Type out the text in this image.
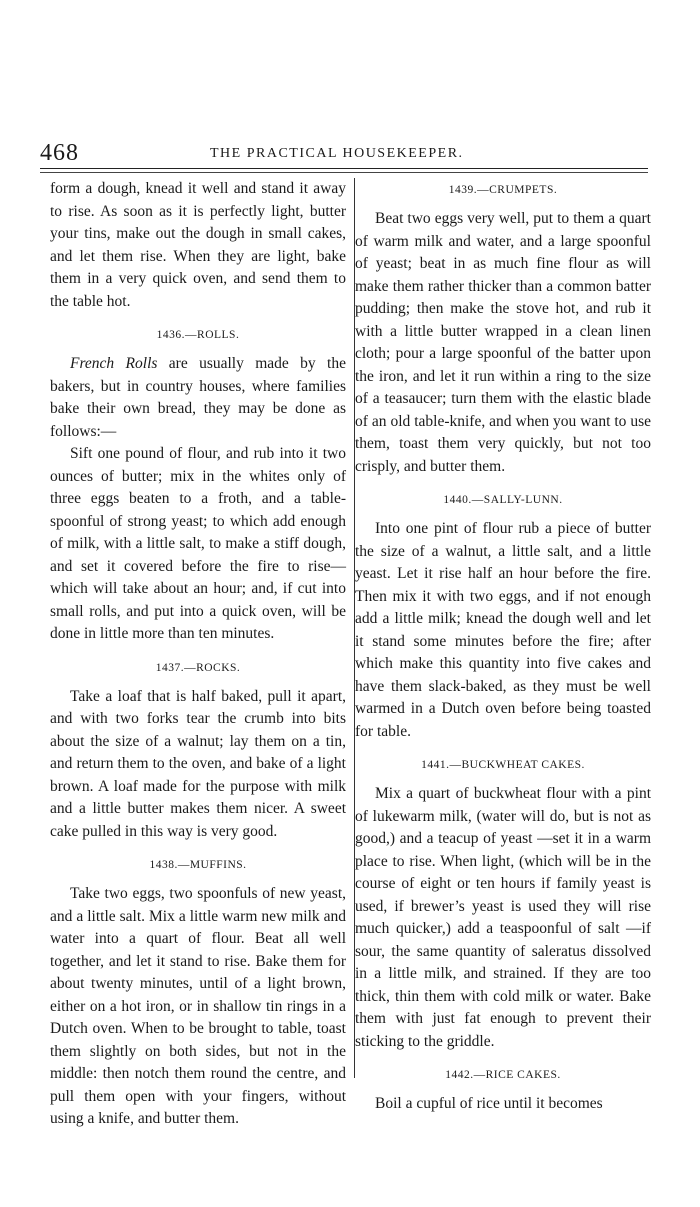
468	THE PRACTICAL HOUSEKEEPER.

form a dough, knead it well and stand it away to rise. As soon as it is perfectly light, butter your tins, make out the dough in small cakes, and let them rise. When they are light, bake them in a very quick oven, and send them to the table hot.

1436.—ROLLS.

French Rolls are usually made by the bakers, but in country houses, where families bake their own bread, they may be done as follows:—

Sift one pound of flour, and rub into it two ounces of butter; mix in the whites only of three eggs beaten to a froth, and a table-spoonful of strong yeast; to which add enough of milk, with a little salt, to make a stiff dough, and set it covered before the fire to rise—which will take about an hour; and, if cut into small rolls, and put into a quick oven, will be done in little more than ten minutes.

1437.—ROCKS.

Take a loaf that is half baked, pull it apart, and with two forks tear the crumb into bits about the size of a walnut; lay them on a tin, and return them to the oven, and bake of a light brown. A loaf made for the purpose with milk and a little butter makes them nicer. A sweet cake pulled in this way is very good.

1438.—MUFFINS.

Take two eggs, two spoonfuls of new yeast, and a little salt. Mix a little warm new milk and water into a quart of flour. Beat all well together, and let it stand to rise. Bake them for about twenty minutes, until of a light brown, either on a hot iron, or in shallow tin rings in a Dutch oven. When to be brought to table, toast them slightly on both sides, but not in the middle: then notch them round the centre, and pull them open with your fingers, without using a knife, and butter them.

1439.—CRUMPETS.

Beat two eggs very well, put to them a quart of warm milk and water, and a large spoonful of yeast; beat in as much fine flour as will make them rather thicker than a common batter pudding; then make the stove hot, and rub it with a little butter wrapped in a clean linen cloth; pour a large spoonful of the batter upon the iron, and let it run within a ring to the size of a teasaucer; turn them with the elastic blade of an old table-knife, and when you want to use them, toast them very quickly, but not too crisply, and butter them.

1440.—SALLY-LUNN.

Into one pint of flour rub a piece of butter the size of a walnut, a little salt, and a little yeast. Let it rise half an hour before the fire. Then mix it with two eggs, and if not enough add a little milk; knead the dough well and let it stand some minutes before the fire; after which make this quantity into five cakes and have them slack-baked, as they must be well warmed in a Dutch oven before being toasted for table.

1441.—BUCKWHEAT CAKES.

Mix a quart of buckwheat flour with a pint of lukewarm milk, (water will do, but is not as good,) and a teacup of yeast —set it in a warm place to rise. When light, (which will be in the course of eight or ten hours if family yeast is used, if brewer’s yeast is used they will rise much quicker,) add a teaspoonful of salt —if sour, the same quantity of saleratus dissolved in a little milk, and strained. If they are too thick, thin them with cold milk or water. Bake them with just fat enough to prevent their sticking to the griddle.

1442.—RICE CAKES.

Boil a cupful of rice until it becomes
